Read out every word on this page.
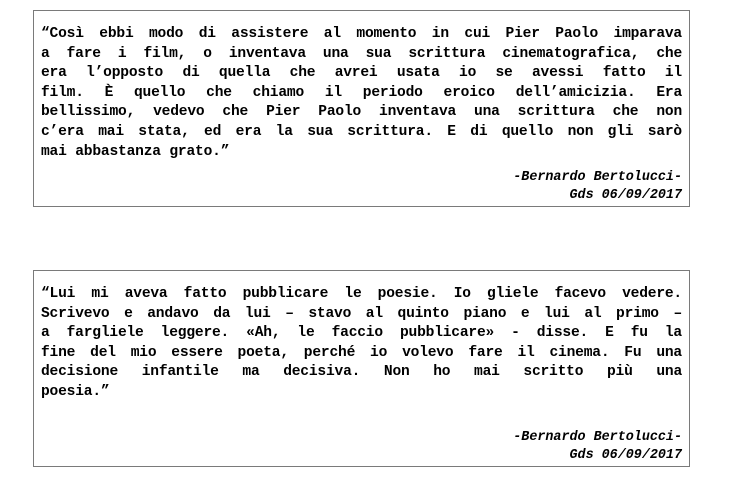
“Così ebbi modo di assistere al momento in cui Pier Paolo imparava
a fare i film, o inventava una sua scrittura cinematografica, che
era l’opposto di quella che avrei usata io se avessi fatto il
film. È quello che chiamo il periodo eroico dell’amicizia. Era
bellissimo, vedevo che Pier Paolo inventava una scrittura che non
c’era mai stata, ed era la sua scrittura. E di quello non gli sarò
mai abbastanza grato.”

-Bernardo Bertolucci-
Gds 06/09/2017

“Lui mi aveva fatto pubblicare le poesie. Io gliele facevo vedere.
Scrivevo e andavo da lui – stavo al quinto piano e lui al primo –
a fargliele leggere. «Ah, le faccio pubblicare» - disse. E fu la
fine del mio essere poeta, perché io volevo fare il cinema. Fu una
decisione infantile ma decisiva. Non ho mai scritto più una
poesia.”

-Bernardo Bertolucci-
Gds 06/09/2017
